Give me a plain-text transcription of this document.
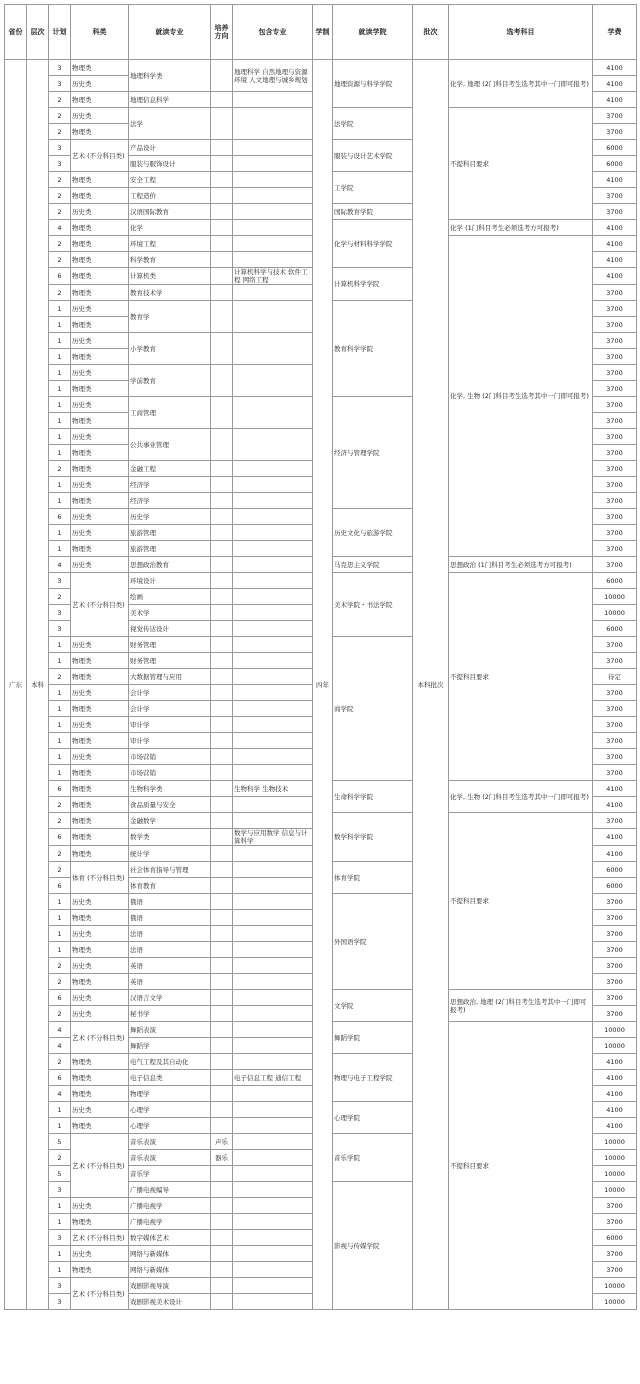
省份	层次	计划	科类	就读专业	培养方向	包含专业	学制	就读学院	批次	选考科目	学费
广东	本科	3	物理类	地理科学类		地理科学 自然地理与资源环境 人文地理与城乡规划	四年	地理资源与科学学院	本科批次	化学, 地理 (2门科目考生选考其中一门即可报考)	4100
		3	历史类								4100
		2	物理类	地理信息科学							4100
		2	历史类	法学				法学院		不提科目要求	3700
		2	物理类								3700
		3	艺术 (不分科目类)	产品设计				服装与设计艺术学院			6000
		3		服装与服饰设计							6000
		2	物理类	安全工程				工学院			4100
		2	物理类	工程造价							3700
		2	历史类	汉语国际教育				国际教育学院			3700
		4	物理类	化学				化学与材料科学学院		化学 (1门科目考生必须选考方可报考)	4100
		2	物理类	环境工程						化学, 生物 (2门科目考生选考其中一门即可报考)	4100
		2	物理类	科学教育							4100
		6	物理类	计算机类		计算机科学与技术 软件工程 网络工程		计算机科学学院			4100
		2	物理类	教育技术学							3700
		1	历史类	教育学				教育科学学院			3700
		1	物理类								3700
		1	历史类	小学教育							3700
		1	物理类								3700
		1	历史类	学前教育							3700
		1	物理类								3700
		1	历史类	工商管理				经济与管理学院			3700
		1	物理类								3700
		1	历史类	公共事业管理							3700
		1	物理类								3700
		2	物理类	金融工程							3700
		1	历史类	经济学							3700
		1	物理类	经济学							3700
		6	历史类	历史学				历史文化与旅游学院			3700
		1	历史类	旅游管理							3700
		1	物理类	旅游管理							3700
		4	历史类	思想政治教育				马克思主义学院		思想政治 (1门科目考生必须选考方可报考)	3700
		3	艺术 (不分科目类)	环境设计				美术学院・书法学院		不提科目要求	6000
		2		绘画							10000
		3		美术学							10000
		3		视觉传达设计							6000
		1	历史类	财务管理				商学院			3700
		1	物理类	财务管理							3700
		2	物理类	大数据管理与应用							待定
		1	历史类	会计学							3700
		1	物理类	会计学							3700
		1	历史类	审计学							3700
		1	物理类	审计学							3700
		1	历史类	市场营销							3700
		1	物理类	市场营销							3700
		6	物理类	生物科学类		生物科学 生物技术		生命科学学院		化学, 生物 (2门科目考生选考其中一门即可报考)	4100
		2	物理类	食品质量与安全							4100
		2	物理类	金融数学				数学科学学院		不提科目要求	3700
		6	物理类	数学类		数学与应用数学 信息与计算科学					4100
		2	物理类	统计学							4100
		2	体育 (不分科目类)	社会体育指导与管理				体育学院			6000
		6		体育教育							6000
		1	历史类	俄语				外国语学院			3700
		1	物理类	俄语							3700
		1	历史类	法语							3700
		1	物理类	法语							3700
		2	历史类	英语							3700
		2	物理类	英语							3700
		6	历史类	汉语言文学				文学院		思想政治, 地理 (2门科目考生选考其中一门即可报考)	3700
		2	历史类	秘书学							3700
		4	艺术 (不分科目类)	舞蹈表演				舞蹈学院		不提科目要求	10000
		4		舞蹈学							10000
		2	物理类	电气工程及其自动化				物理与电子工程学院			4100
		6	物理类	电子信息类		电子信息工程 通信工程					4100
		4	物理类	物理学							4100
		1	历史类	心理学				心理学院			4100
		1	物理类	心理学							4100
		5	艺术 (不分科目类)	音乐表演	声乐			音乐学院			10000
		2		音乐表演	器乐						10000
		5		音乐学							10000
		3		广播电视编导				影视与传媒学院			10000
		1	历史类	广播电视学							3700
		1	物理类	广播电视学							3700
		3	艺术 (不分科目类)	数字媒体艺术							6000
		1	历史类	网络与新媒体							3700
		1	物理类	网络与新媒体							3700
		3	艺术 (不分科目类)	戏剧影视导演							10000
		3		戏剧影视美术设计							10000
